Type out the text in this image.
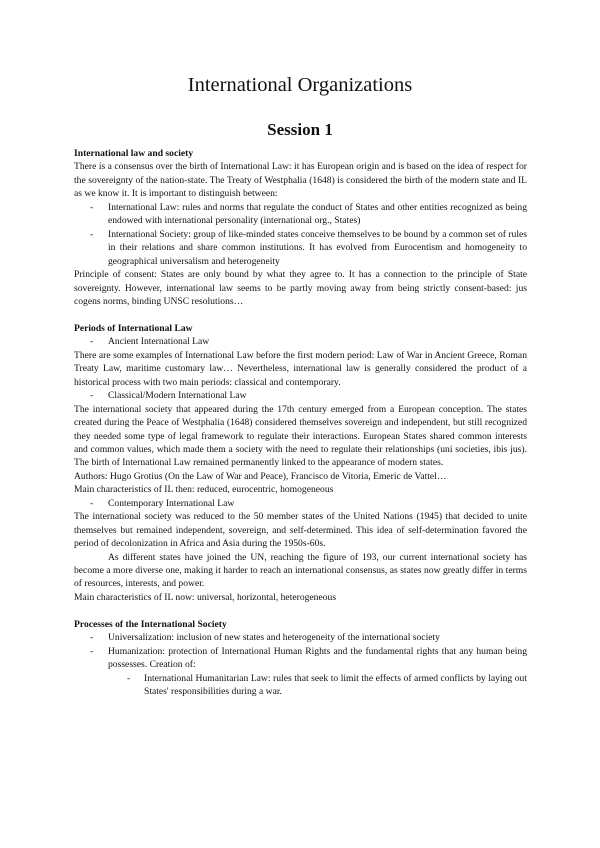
International Organizations
Session 1

International law and society

There is a consensus over the birth of International Law: it has European origin and is based on the idea of respect for the sovereignty of the nation-state. The Treaty of Westphalia (1648) is considered the birth of the modern state and IL as we know it. It is important to distinguish between:

- International Law: rules and norms that regulate the conduct of States and other entities recognized as being endowed with international personality (international org., States)
- International Society: group of like-minded states conceive themselves to be bound by a common set of rules in their relations and share common institutions. It has evolved from Eurocentism and homogeneity to geographical universalism and heterogeneity

Principle of consent: States are only bound by what they agree to. It has a connection to the principle of State sovereignty. However, international law seems to be partly moving away from being strictly consent-based: jus cogens norms, binding UNSC resolutions…

Periods of International Law

- Ancient International Law

There are some examples of International Law before the first modern period: Law of War in Ancient Greece, Roman Treaty Law, maritime customary law… Nevertheless, international law is generally considered the product of a historical process with two main periods: classical and contemporary.

- Classical/Modern International Law

The international society that appeared during the 17th century emerged from a European conception. The states created during the Peace of Westphalia (1648) considered themselves sovereign and independent, but still recognized they needed some type of legal framework to regulate their interactions. European States shared common interests and common values, which made them a society with the need to regulate their relationships (uni societies, ibis jus). The birth of International Law remained permanently linked to the appearance of modern states.

Authors: Hugo Grotius (On the Law of War and Peace), Francisco de Vitoria, Emeric de Vattel…

Main characteristics of IL then: reduced, eurocentric, homogeneous

- Contemporary International Law

The international society was reduced to the 50 member states of the United Nations (1945) that decided to unite themselves but remained independent, sovereign, and self-determined. This idea of self-determination favored the period of decolonization in Africa and Asia during the 1950s-60s.

As different states have joined the UN, reaching the figure of 193, our current international society has become a more diverse one, making it harder to reach an international consensus, as states now greatly differ in terms of resources, interests, and power.

Main characteristics of IL now: universal, horizontal, heterogeneous

Processes of the International Society

- Universalization: inclusion of new states and heterogeneity of the international society
- Humanization: protection of International Human Rights and the fundamental rights that any human being possesses. Creation of:
- International Humanitarian Law: rules that seek to limit the effects of armed conflicts by laying out States' responsibilities during a war.
